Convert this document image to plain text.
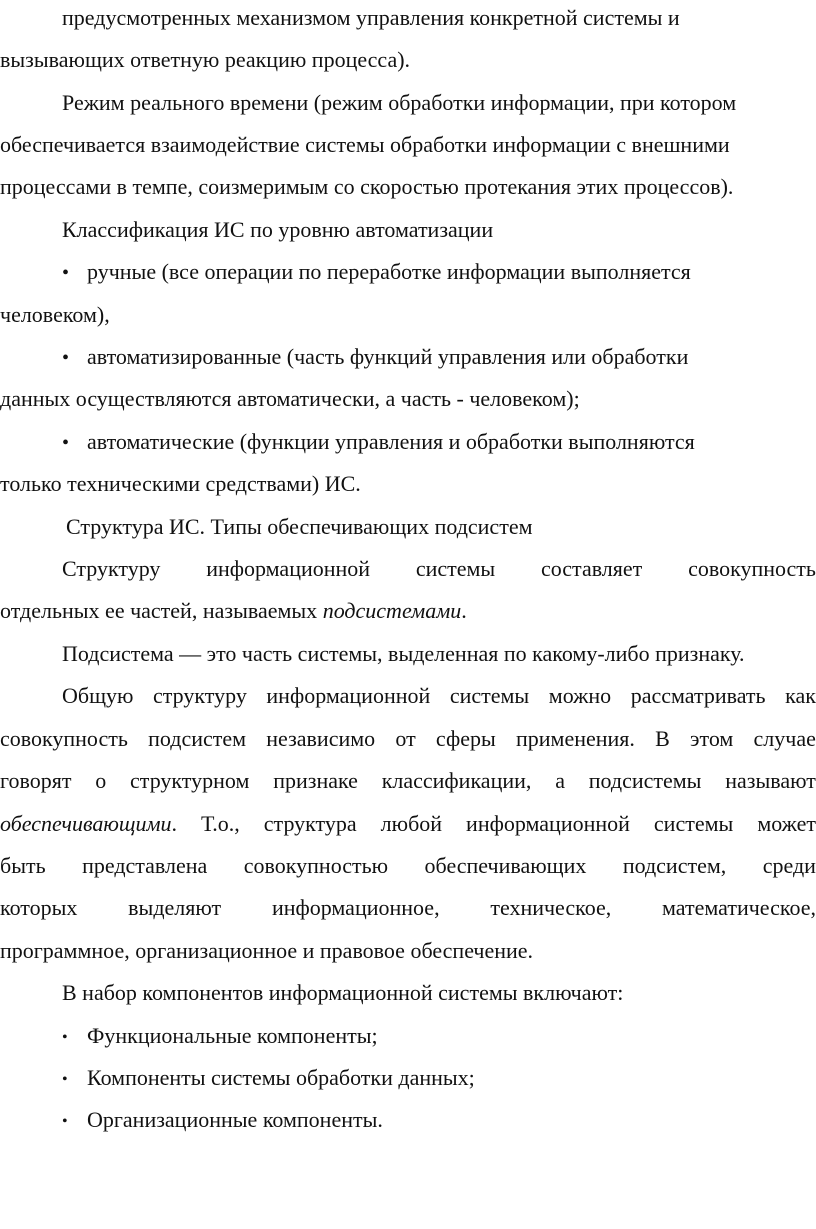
предусмотренных механизмом управления конкретной системы и
вызывающих ответную реакцию процесса).
Режим реального времени (режим обработки информации, при котором
обеспечивается взаимодействие системы обработки информации с внешними
процессами в темпе, соизмеримым со скоростью протекания этих процессов).
Классификация ИС по уровню автоматизации
• ручные (все операции по переработке информации выполняется
человеком),
• автоматизированные (часть функций управления или обработки
данных осуществляются автоматически, а часть - человеком);
• автоматические (функции управления и обработки выполняются
только техническими средствами) ИС.
Структура ИС. Типы обеспечивающих подсистем
Структуру информационной системы составляет совокупность
отдельных ее частей, называемых подсистемами.
Подсистема — это часть системы, выделенная по какому-либо признаку.
Общую структуру информационной системы можно рассматривать как
совокупность подсистем независимо от сферы применения. В этом случае
говорят о структурном признаке классификации, а подсистемы называют
обеспечивающими. Т.о., структура любой информационной системы может
быть представлена совокупностью обеспечивающих подсистем, среди
которых выделяют информационное, техническое, математическое,
программное, организационное и правовое обеспечение.
В набор компонентов информационной системы включают:
• Функциональные компоненты;
• Компоненты системы обработки данных;
• Организационные компоненты.
